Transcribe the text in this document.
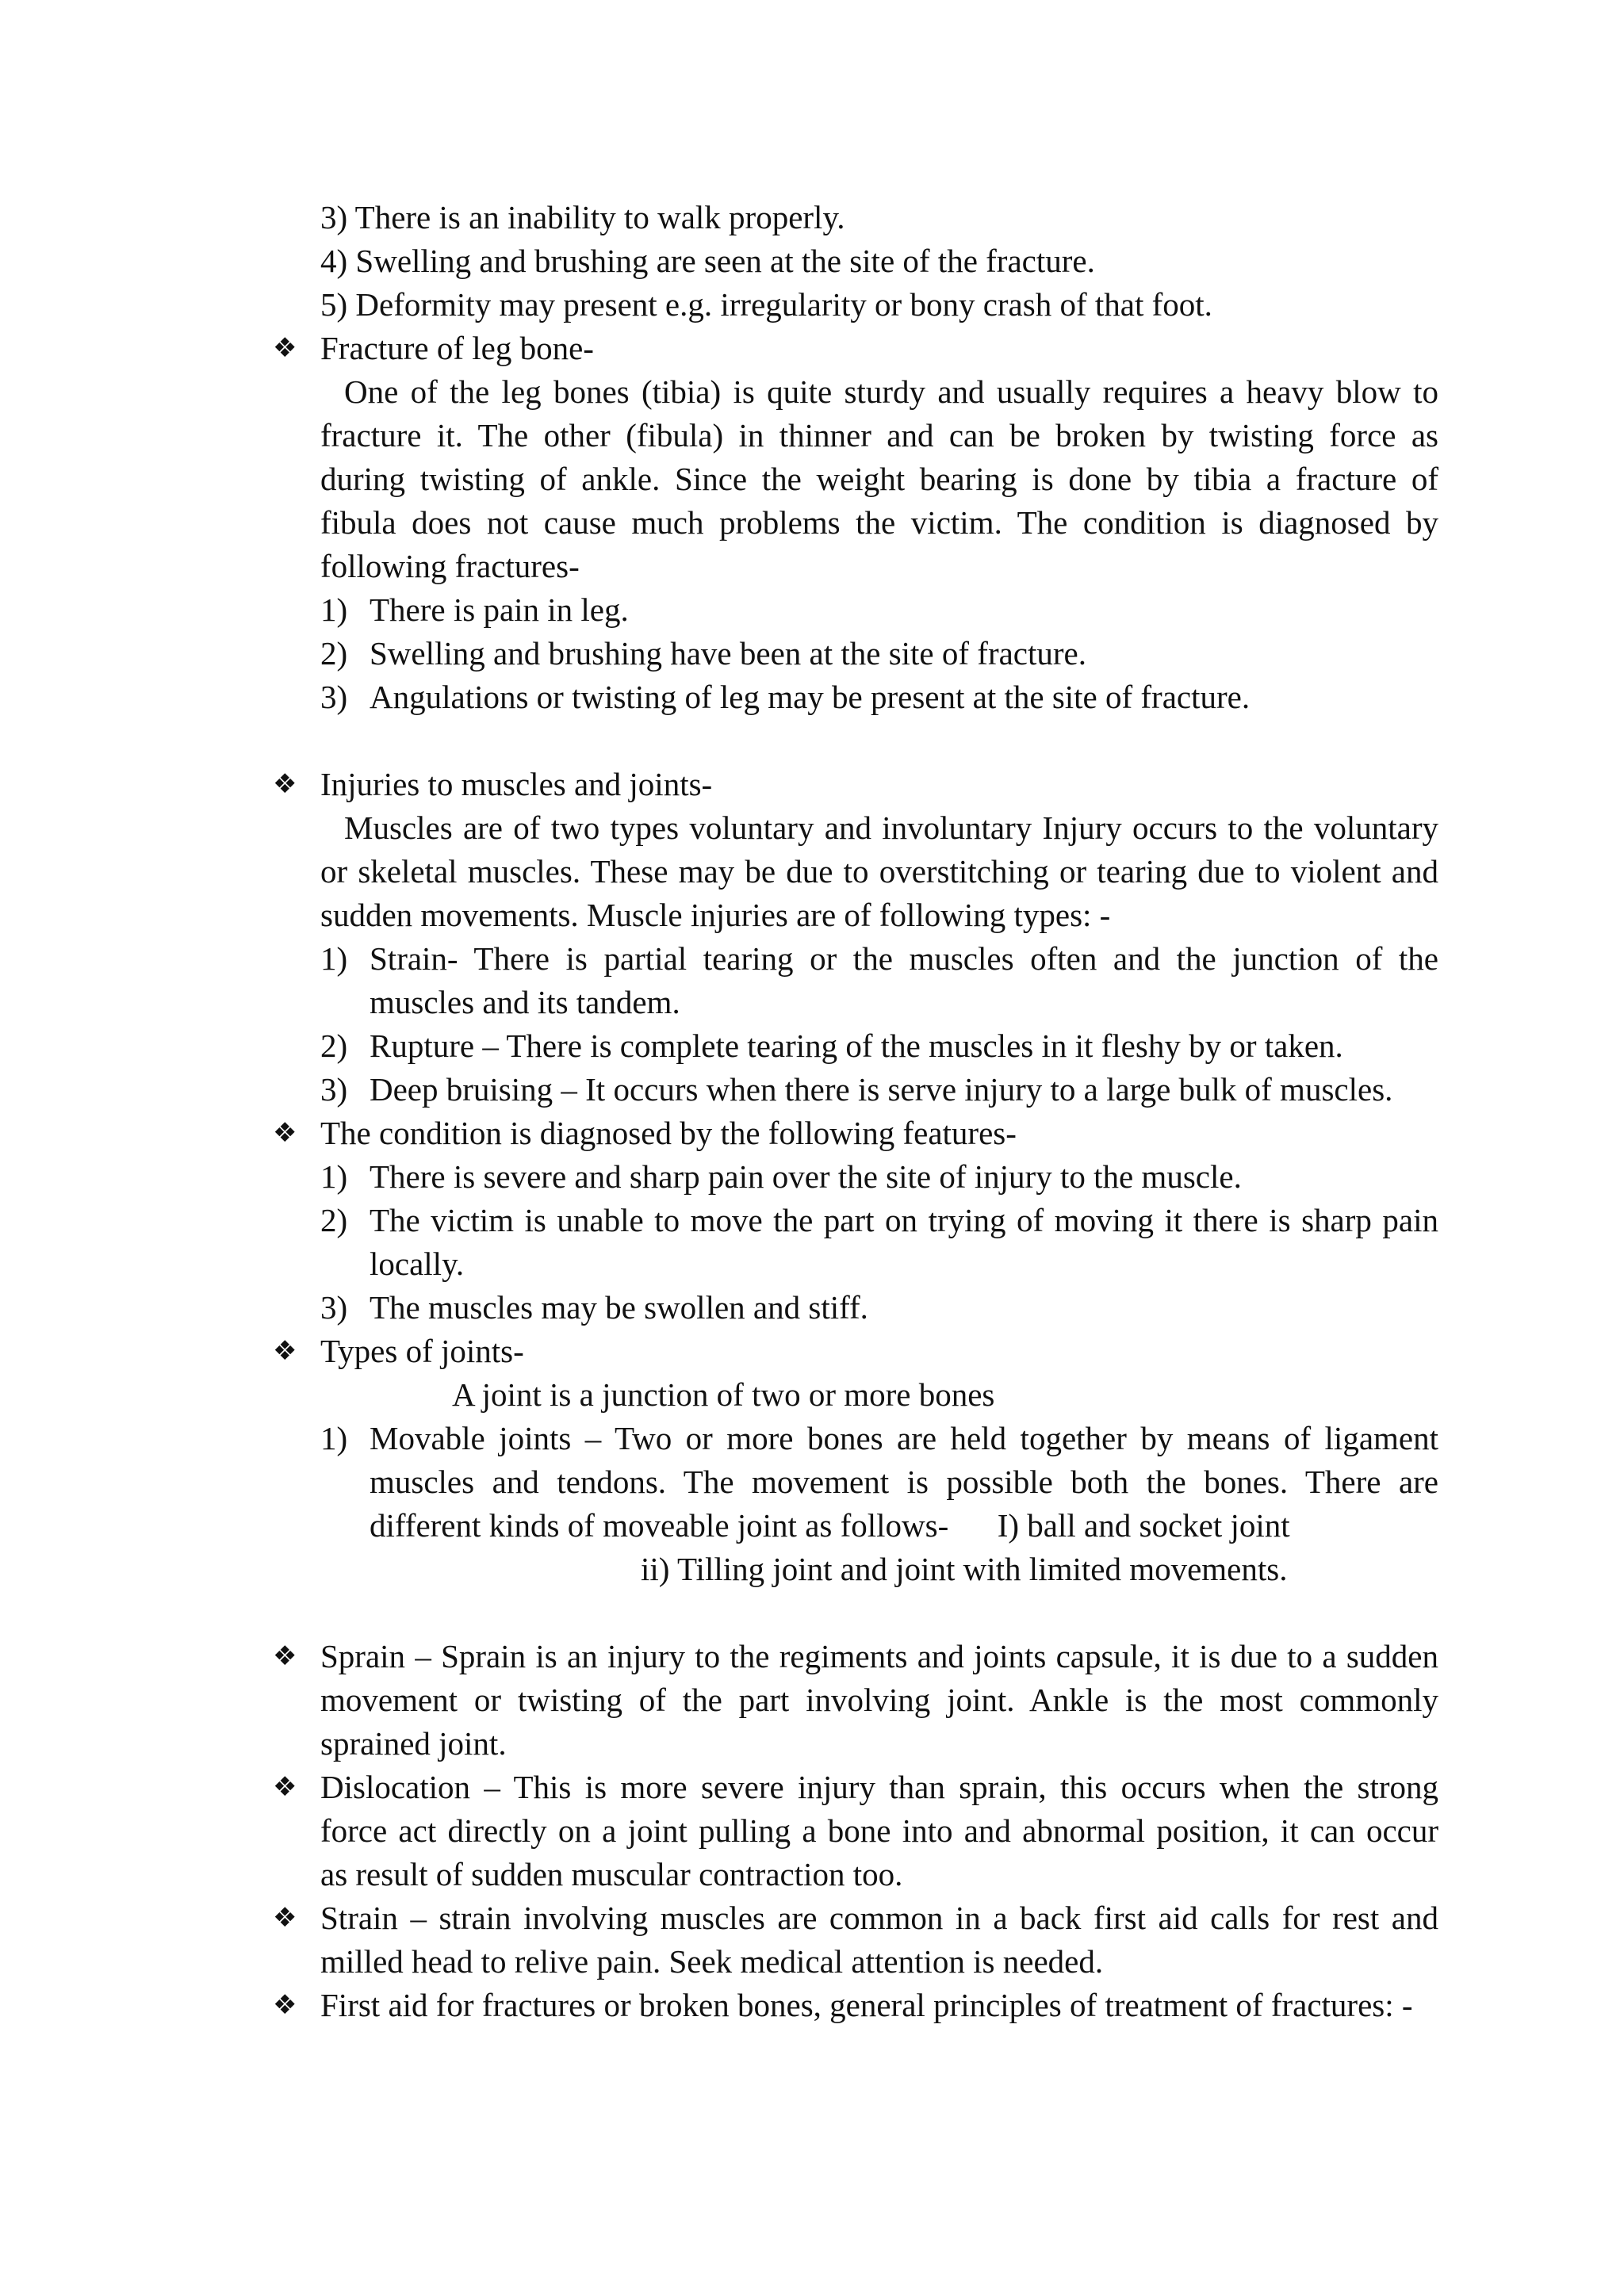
3) There is an inability to walk properly.
4) Swelling and brushing are seen at the site of the fracture.
5) Deformity may present e.g. irregularity or bony crash of that foot.
❖ Fracture of leg bone-
One of the leg bones (tibia) is quite sturdy and usually requires a heavy blow to
fracture it. The other (fibula) in thinner and can be broken by twisting force as
during twisting of ankle. Since the weight bearing is done by tibia a fracture of
fibula does not cause much problems the victim. The condition is diagnosed by
following fractures-
1) There is pain in leg.
2) Swelling and brushing have been at the site of fracture.
3) Angulations or twisting of leg may be present at the site of fracture.
❖ Injuries to muscles and joints-
Muscles are of two types voluntary and involuntary Injury occurs to the voluntary
or skeletal muscles. These may be due to overstitching or tearing due to violent and
sudden movements. Muscle injuries are of following types: -
1) Strain- There is partial tearing or the muscles often and the junction of the
muscles and its tandem.
2) Rupture – There is complete tearing of the muscles in it fleshy by or taken.
3) Deep bruising – It occurs when there is serve injury to a large bulk of muscles.
❖ The condition is diagnosed by the following features-
1) There is severe and sharp pain over the site of injury to the muscle.
2) The victim is unable to move the part on trying of moving it there is sharp pain
locally.
3) The muscles may be swollen and stiff.
❖ Types of joints-
A joint is a junction of two or more bones
1) Movable joints – Two or more bones are held together by means of ligament
muscles and tendons. The movement is possible both the bones. There are
different kinds of moveable joint as follows-      I) ball and socket joint
ii) Tilling joint and joint with limited movements.
❖ Sprain – Sprain is an injury to the regiments and joints capsule, it is due to a sudden
movement or twisting of the part involving joint. Ankle is the most commonly
sprained joint.
❖ Dislocation – This is more severe injury than sprain, this occurs when the strong
force act directly on a joint pulling a bone into and abnormal position, it can occur
as result of sudden muscular contraction too.
❖ Strain – strain involving muscles are common in a back first aid calls for rest and
milled head to relive pain. Seek medical attention is needed.
❖ First aid for fractures or broken bones, general principles of treatment of fractures: -
